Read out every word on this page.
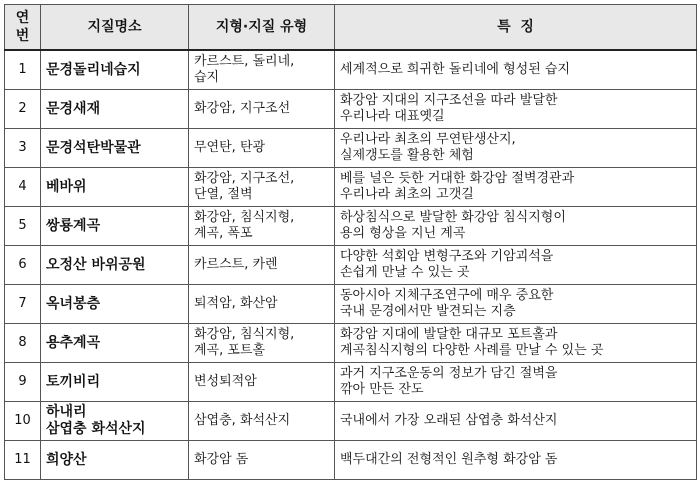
연
번	지질명소	지형·지질 유형	특  징
1	문경돌리네습지	카르스트, 돌리네,
습지	세계적으로 희귀한 돌리네에 형성된 습지

2	문경새재	화강암, 지구조선	화강암 지대의 지구조선을 따라 발달한
우리나라 대표옛길

3	문경석탄박물관	무연탄, 탄광	우리나라 최초의 무연탄생산지,
실제갱도를 활용한 체험

4	베바위	화강암, 지구조선,
단열, 절벽	베를 널은 듯한 거대한 화강암 절벽경관과
우리나라 최초의 고갯길

5	쌍룡계곡	화강암, 침식지형,
계곡, 폭포	하상침식으로 발달한 화강암 침식지형이
용의 형상을 지닌 계곡

6	오정산 바위공원	카르스트, 카렌	다양한 석회암 변형구조와 기암괴석을
손쉽게 만날 수 있는 곳

7	옥녀봉층	퇴적암, 화산암	동아시아 지체구조연구에 매우 중요한
국내 문경에서만 발견되는 지층

8	용추계곡	화강암, 침식지형,
계곡, 포트홀	화강암 지대에 발달한 대규모 포트홀과
계곡침식지형의 다양한 사례를 만날 수 있는 곳

9	토끼비리	변성퇴적암	과거 지구조운동의 정보가 담긴 절벽을
깎아 만든 잔도

10	하내리
삼엽충 화석산지	삼엽충, 화석산지	국내에서 가장 오래된 삼엽충 화석산지

11	희양산	화강암 돔	백두대간의 전형적인 원추형 화강암 돔
